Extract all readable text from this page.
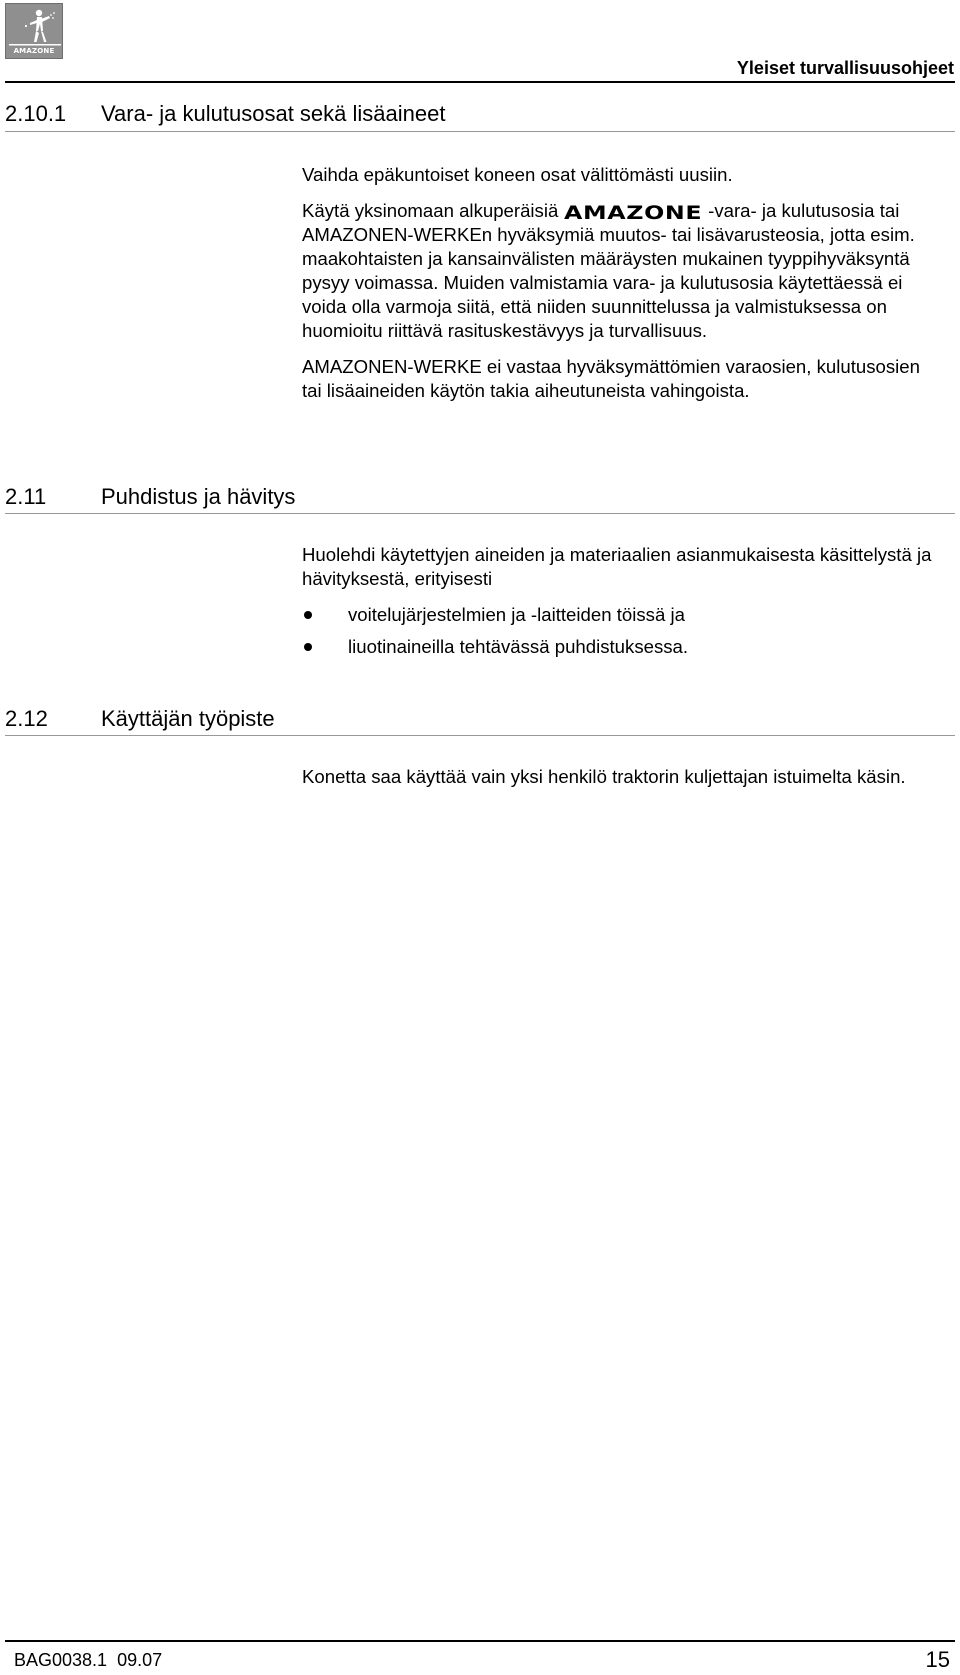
AMAZONE
Yleiset turvallisuusohjeet
2.10.1 Vara- ja kulutusosat sekä lisäaineet

Vaihda epäkuntoiset koneen osat välittömästi uusiin.

Käytä yksinomaan alkuperäisiä AMAZONE -vara- ja kulutusosia tai AMAZONEN-WERKEn hyväksymiä muutos- tai lisävarusteosia, jotta esim. maakohtaisten ja kansainvälisten määräysten mukainen tyyppihyväksyntä pysyy voimassa. Muiden valmistamia vara- ja kulutusosia käytettäessä ei voida olla varmoja siitä, että niiden suunnittelussa ja valmistuksessa on huomioitu riittävä rasituskestävyys ja turvallisuus.

AMAZONEN-WERKE ei vastaa hyväksymättömien varaosien, kulutusosien tai lisäaineiden käytön takia aiheutuneista vahingoista.

2.11 Puhdistus ja hävitys

Huolehdi käytettyjen aineiden ja materiaalien asianmukaisesta käsittelystä ja hävityksestä, erityisesti

voitelujärjestelmien ja -laitteiden töissä ja
liuotinaineilla tehtävässä puhdistuksessa.
2.12 Käyttäjän työpiste

Konetta saa käyttää vain yksi henkilö traktorin kuljettajan istuimelta käsin.

BAG0038.1  09.07	15
